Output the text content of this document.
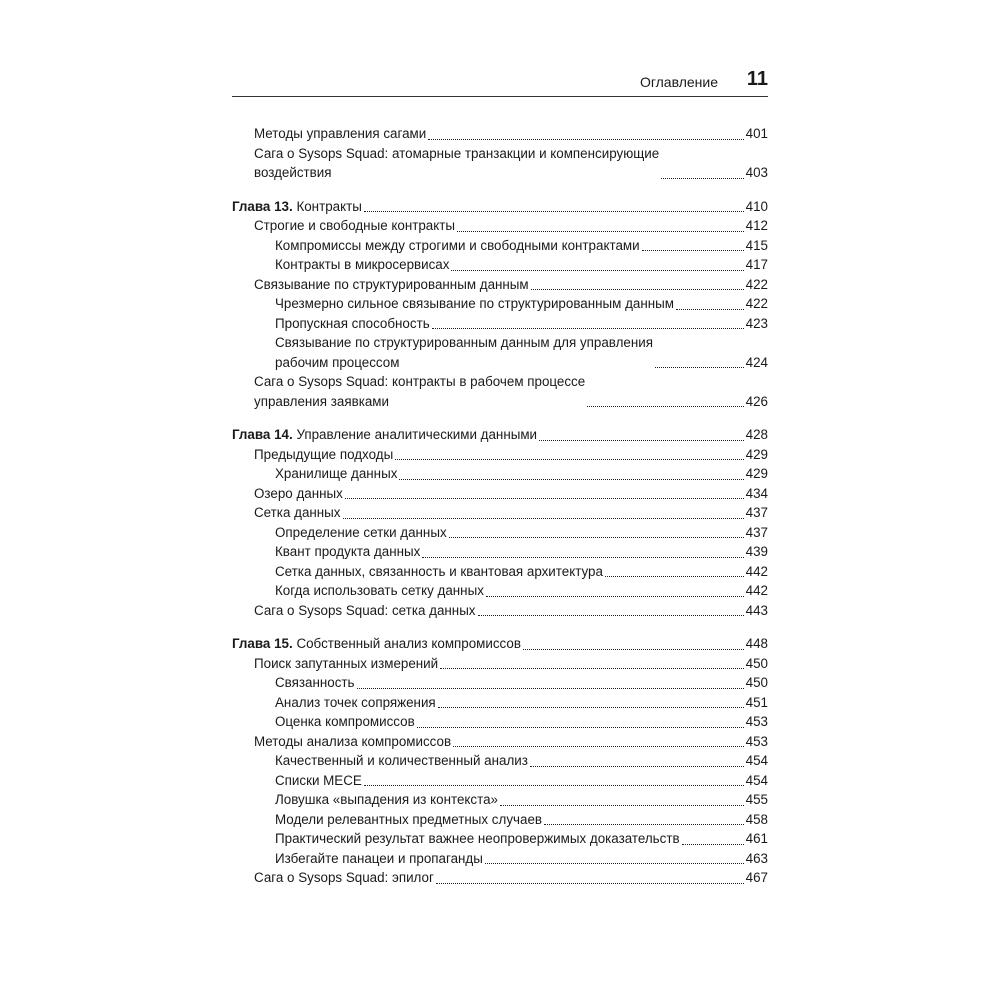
Оглавление 11
Методы управления сагами	401
Сага о Sysops Squad: атомарные транзакции и компенсирующие
воздействия	403
Глава 13. Контракты	410
Строгие и свободные контракты	412
Компромиссы между строгими и свободными контрактами	415
Контракты в микросервисах	417
Связывание по структурированным данным	422
Чрезмерно сильное связывание по структурированным данным	422
Пропускная способность	423
Связывание по структурированным данным для управления
рабочим процессом	424
Сага о Sysops Squad: контракты в рабочем процессе
управления заявками	426
Глава 14. Управление аналитическими данными	428
Предыдущие подходы	429
Хранилище данных	429
Озеро данных	434
Сетка данных	437
Определение сетки данных	437
Квант продукта данных	439
Сетка данных, связанность и квантовая архитектура	442
Когда использовать сетку данных	442
Сага о Sysops Squad: сетка данных	443
Глава 15. Собственный анализ компромиссов	448
Поиск запутанных измерений	450
Связанность	450
Анализ точек сопряжения	451
Оценка компромиссов	453
Методы анализа компромиссов	453
Качественный и количественный анализ	454
Списки MECE	454
Ловушка «выпадения из контекста»	455
Модели релевантных предметных случаев	458
Практический результат важнее неопровержимых доказательств	461
Избегайте панацеи и пропаганды	463
Сага о Sysops Squad: эпилог	467
